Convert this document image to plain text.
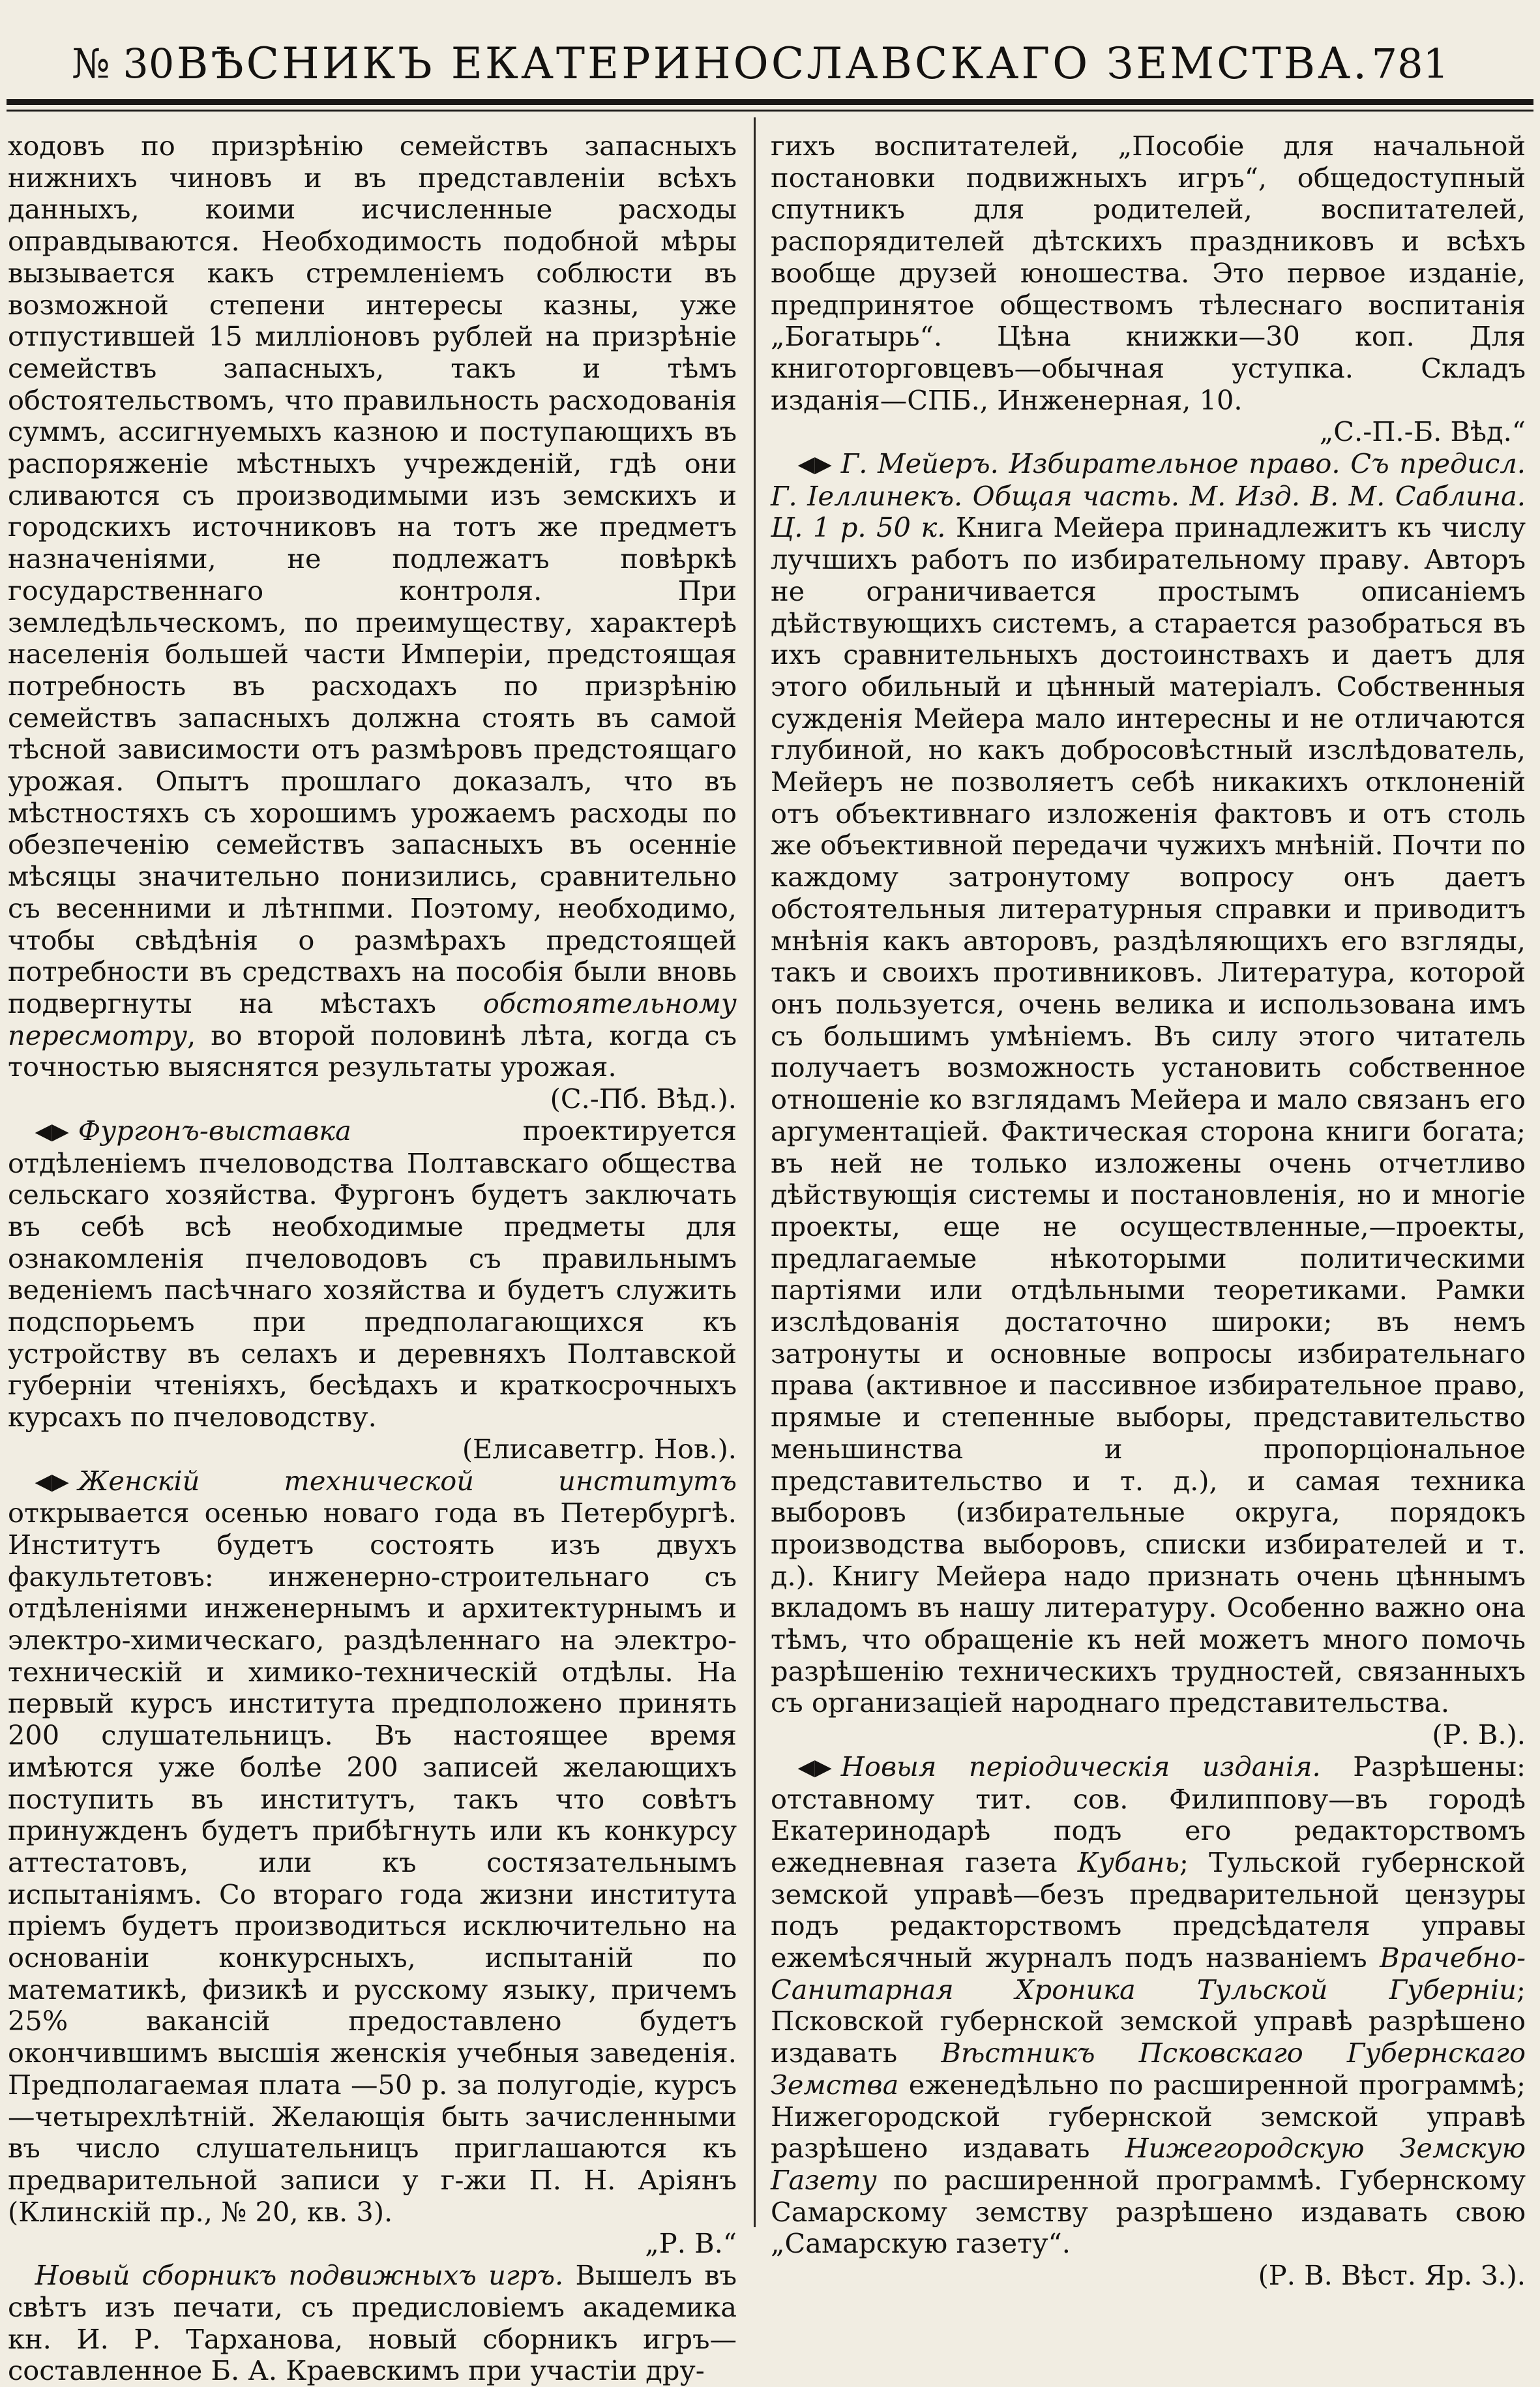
№ 30 ВѢСНИКЪ ЕКАТЕРИНОСЛАВСКАГО ЗЕМСТВА. 781

ходовъ по призрѣнію семействъ запасныхъ нижнихъ чиновъ и въ представленіи всѣхъ данныхъ, коими исчисленные расходы оправдываются. Необходимость подобной мѣры вызывается какъ стремленіемъ соблюсти въ возможной степени интересы казны, уже отпустившей 15 милліоновъ рублей на призрѣніе семействъ запасныхъ, такъ и тѣмъ обстоятельствомъ, что правильность расходованія суммъ, ассигнуемыхъ казною и поступающихъ въ распоряженіе мѣстныхъ учрежденій, гдѣ они сливаются съ производимыми изъ земскихъ и городскихъ источниковъ на тотъ же предметъ назначеніями, не подлежатъ повѣркѣ государственнаго контроля. При земледѣльческомъ, по преимуществу, характерѣ населенія большей части Имперіи, предстоящая потребность въ расходахъ по призрѣнію семействъ запасныхъ должна стоять въ самой тѣсной зависимости отъ размѣровъ предстоящаго урожая. Опытъ прошлаго доказалъ, что въ мѣстностяхъ съ хорошимъ урожаемъ расходы по обезпеченію семействъ запасныхъ въ осенніе мѣсяцы значительно понизились, сравнительно съ весенними и лѣтнпми. Поэтому, необходимо, чтобы свѣдѣнія о размѣрахъ предстоящей потребности въ средствахъ на пособія были вновь подвергнуты на мѣстахъ обстоятельному пересмотру, во второй половинѣ лѣта, когда съ точностью выяснятся результаты урожая.

(С.-Пб. Вѣд.).

 ◀▶ Фургонъ-выставка проектируется отдѣленіемъ пчеловодства Полтавскаго общества сельскаго хозяйства. Фургонъ будетъ заключать въ себѣ всѣ необходимые предметы для ознакомленія пчеловодовъ съ правильнымъ веденіемъ пасѣчнаго хозяйства и будетъ служить подспорьемъ при предполагающихся къ устройству въ селахъ и деревняхъ Полтавской губерніи чтеніяхъ, бесѣдахъ и краткосрочныхъ курсахъ по пчеловодству.

(Елисаветгр. Нов.).

 ◀▶ Женскій технической институтъ открывается осенью новаго года въ Петербургѣ. Институтъ будетъ состоять изъ двухъ факультетовъ: инженерно-строительнаго съ отдѣленіями инженернымъ и архитектурнымъ и электро-химическаго, раздѣленнаго на электро-техническій и химико-техническій отдѣлы. На первый курсъ института предположено принять 200 слушательницъ. Въ настоящее время имѣются уже болѣе 200 записей желающихъ поступить въ институтъ, такъ что совѣтъ принужденъ будетъ прибѣгнуть или къ конкурсу аттестатовъ, или къ состязательнымъ испытаніямъ. Со втораго года жизни института пріемъ будетъ производиться исключительно на основаніи конкурсныхъ, испытаній по математикѣ, физикѣ и русскому языку, причемъ 25% вакансій предоставлено будетъ окончившимъ высшія женскія учебныя заведенія. Предполагаемая плата —50 р. за полугодіе, курсъ—четырехлѣтній. Желающія быть зачисленными въ число слушательницъ приглашаются къ предварительной записи у г-жи П. Н. Арiянъ (Клинскій пр., № 20, кв. 3).

„Р. В.“

 Новый сборникъ подвижныхъ игръ. Вышелъ въ свѣтъ изъ печати, съ предисловіемъ академика кн. И. Р. Тарханова, новый сборникъ игръ—составленное Б. А. Краевскимъ при участіи дру-

гихъ воспитателей, „Пособіе для начальной постановки подвижныхъ игръ“, общедоступный спутникъ для родителей, воспитателей, распорядителей дѣтскихъ праздниковъ и всѣхъ вообще друзей юношества. Это первое изданіе, предпринятое обществомъ тѣлеснаго воспитанія „Богатырь“. Цѣна книжки—30 коп. Для книготорговцевъ—обычная уступка. Складъ изданія—СПБ., Инженерная, 10.

„С.-П.-Б. Вѣд.“

 ◀▶ Г. Мейеръ. Избирательное право. Съ предисл. Г. Іеллинекъ. Общая часть. М. Изд. В. М. Саблина. Ц. 1 р. 50 к. Книга Мейера принадлежитъ къ числу лучшихъ работъ по избирательному праву. Авторъ не ограничивается простымъ описаніемъ дѣйствующихъ системъ, а старается разобраться въ ихъ сравнительныхъ достоинствахъ и даетъ для этого обильный и цѣнный матеріалъ. Собственныя сужденія Мейера мало интересны и не отличаются глубиной, но какъ добросовѣстный изслѣдователь, Мейеръ не позволяетъ себѣ никакихъ отклоненій отъ объективнаго изложенія фактовъ и отъ столь же объективной передачи чужихъ мнѣній. Почти по каждому затронутому вопросу онъ даетъ обстоятельныя литературныя справки и приводитъ мнѣнія какъ авторовъ, раздѣляющихъ его взгляды, такъ и своихъ противниковъ. Литература, которой онъ пользуется, очень велика и использована имъ съ большимъ умѣніемъ. Въ силу этого читатель получаетъ возможность установить собственное отношеніе ко взглядамъ Мейера и мало связанъ его аргументаціей. Фактическая сторона книги богата; въ ней не только изложены очень отчетливо дѣйствующія системы и постановленія, но и многіе проекты, еще не осуществленные,—проекты, предлагаемые нѣкоторыми политическими партіями или отдѣльными теоретиками. Рамки изслѣдованія достаточно широки; въ немъ затронуты и основные вопросы избирательнаго права (активное и пассивное избирательное право, прямые и степенные выборы, представительство меньшинства и пропорціональное представительство и т. д.), и самая техника выборовъ (избирательные округа, порядокъ производства выборовъ, списки избирателей и т. д.). Книгу Мейера надо признать очень цѣннымъ вкладомъ въ нашу литературу. Особенно важно она тѣмъ, что обращеніе къ ней можетъ много помочь разрѣшенію техническихъ трудностей, связанныхъ съ организаціей народнаго представительства.

(Р. В.).

 ◀▶ Новыя періодическія изданія. Разрѣшены: отставному тит. сов. Филиппову—въ городѣ Екатеринодарѣ подъ его редакторствомъ ежедневная газета Кубань; Тульской губернской земской управѣ—безъ предварительной цензуры подъ редакторствомъ предсѣдателя управы ежемѣсячный журналъ подъ названіемъ Врачебно-Санитарная Хроника Тульской Губерніи; Псковской губернской земской управѣ разрѣшено издавать Вѣстникъ Псковскаго Губернскаго Земства еженедѣльно по расширенной программѣ; Нижегородской губернской земской управѣ разрѣшено издавать Нижегородскую Земскую Газету по расширенной программѣ. Губернскому Самарскому земству разрѣшено издавать свою „Самарскую газету“.

(Р. В. Вѣст. Яр. З.).
